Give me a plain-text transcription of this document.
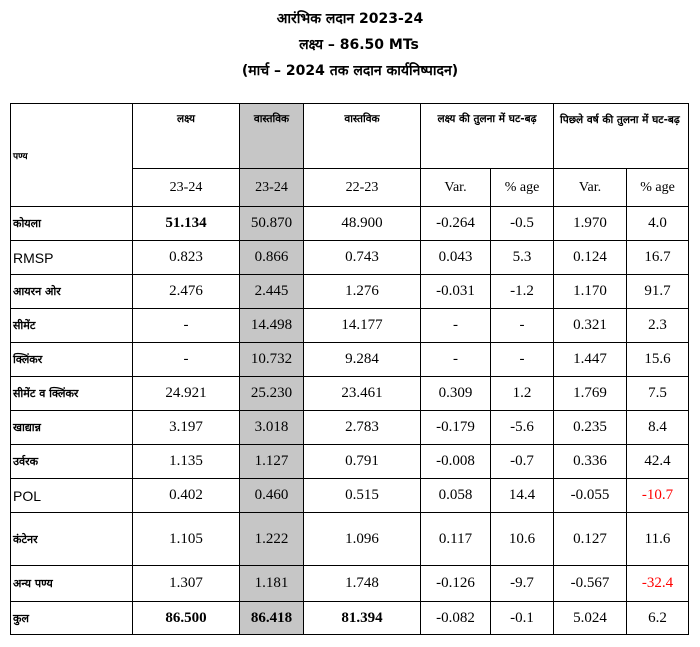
आरंभिक लदान 2023-24
लक्ष्य – 86.50 MTs
(मार्च – 2024 तक लदान कार्यनिष्पादन)
पण्य	लक्ष्य	वास्तविक	वास्तविक	लक्ष्य की तुलना में घट-बढ़		पिछले वर्ष की तुलना में घट-बढ़	
	23-24	23-24	22-23	Var.	% age	Var.	% age
कोयला	51.134	50.870	48.900	-0.264	-0.5	1.970	4.0
RMSP	0.823	0.866	0.743	0.043	5.3	0.124	16.7
आयरन ओर	2.476	2.445	1.276	-0.031	-1.2	1.170	91.7
सीमेंट	-	14.498	14.177	-	-	0.321	2.3
क्लिंकर	-	10.732	9.284	-	-	1.447	15.6
सीमेंट व क्लिंकर	24.921	25.230	23.461	0.309	1.2	1.769	7.5
खाद्यान्न	3.197	3.018	2.783	-0.179	-5.6	0.235	8.4
उर्वरक	1.135	1.127	0.791	-0.008	-0.7	0.336	42.4
POL	0.402	0.460	0.515	0.058	14.4	-0.055	-10.7
कंटेनर	1.105	1.222	1.096	0.117	10.6	0.127	11.6
अन्य पण्य	1.307	1.181	1.748	-0.126	-9.7	-0.567	-32.4
कुल	86.500	86.418	81.394	-0.082	-0.1	5.024	6.2
